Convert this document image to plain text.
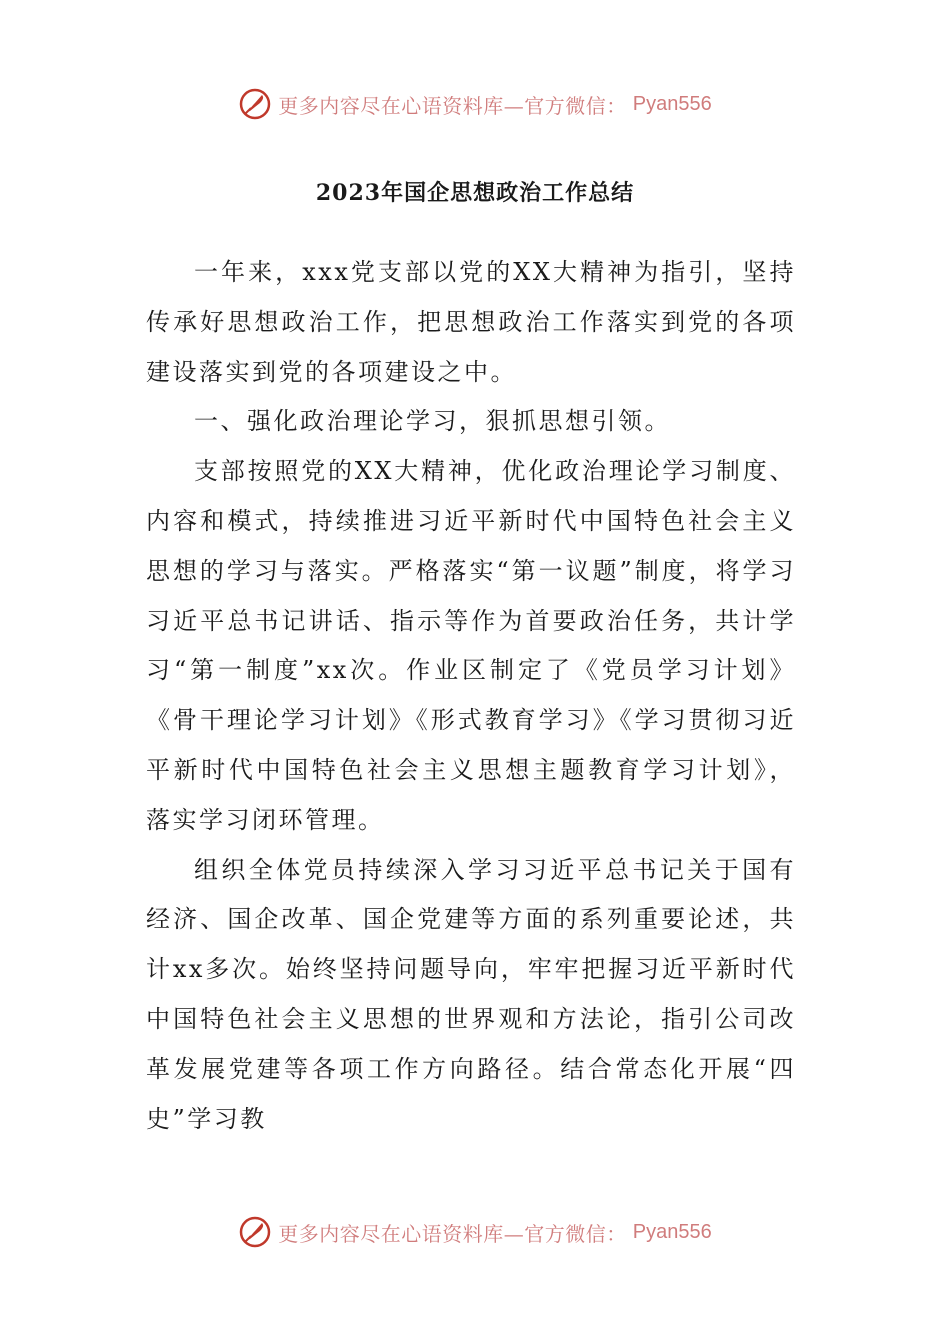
更多内容尽在心语资料库—官方微信： Pyan556
2023年国企思想政治工作总结

一年来，xxx党支部以党的XX大精神为指引，坚持传承好思想政治工作，把思想政治工作落实到党的各项建设落实到党的各项建设之中。

一、强化政治理论学习，狠抓思想引领。

支部按照党的XX大精神，优化政治理论学习制度、内容和模式，持续推进习近平新时代中国特色社会主义思想的学习与落实。严格落实“第一议题”制度，将学习习近平总书记讲话、指示等作为首要政治任务，共计学习“第一制度”xx次。作业区制定了《党员学习计划》《骨干理论学习计划》《形式教育学习》《学习贯彻习近平新时代中国特色社会主义思想主题教育学习计划》，落实学习闭环管理。

组织全体党员持续深入学习习近平总书记关于国有经济、国企改革、国企党建等方面的系列重要论述，共计xx多次。始终坚持问题导向，牢牢把握习近平新时代中国特色社会主义思想的世界观和方法论，指引公司改革发展党建等各项工作方向路径。结合常态化开展“四史”学习教

更多内容尽在心语资料库—官方微信： Pyan556
